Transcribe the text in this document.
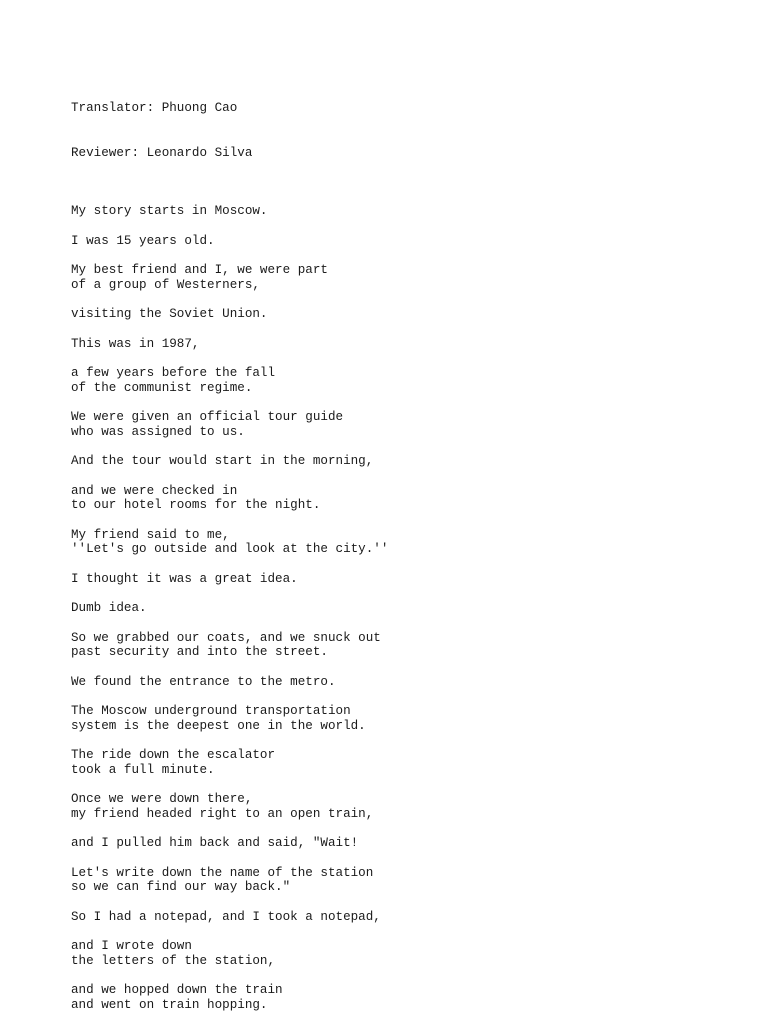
Translator: Phuong Cao

Reviewer: Leonardo Silva

My story starts in Moscow.
I was 15 years old.
My best friend and I, we were part
of a group of Westerners,
visiting the Soviet Union.
This was in 1987,
a few years before the fall
of the communist regime.
We were given an official tour guide
who was assigned to us.
And the tour would start in the morning,
and we were checked in
to our hotel rooms for the night.
My friend said to me,
''Let's go outside and look at the city.''
I thought it was a great idea.
Dumb idea.
So we grabbed our coats, and we snuck out
past security and into the street.
We found the entrance to the metro.
The Moscow underground transportation
system is the deepest one in the world.
The ride down the escalator
took a full minute.
Once we were down there,
my friend headed right to an open train,
and I pulled him back and said, "Wait!
Let's write down the name of the station
so we can find our way back."
So I had a notepad, and I took a notepad,
and I wrote down
the letters of the station,
and we hopped down the train
and went on train hopping.
